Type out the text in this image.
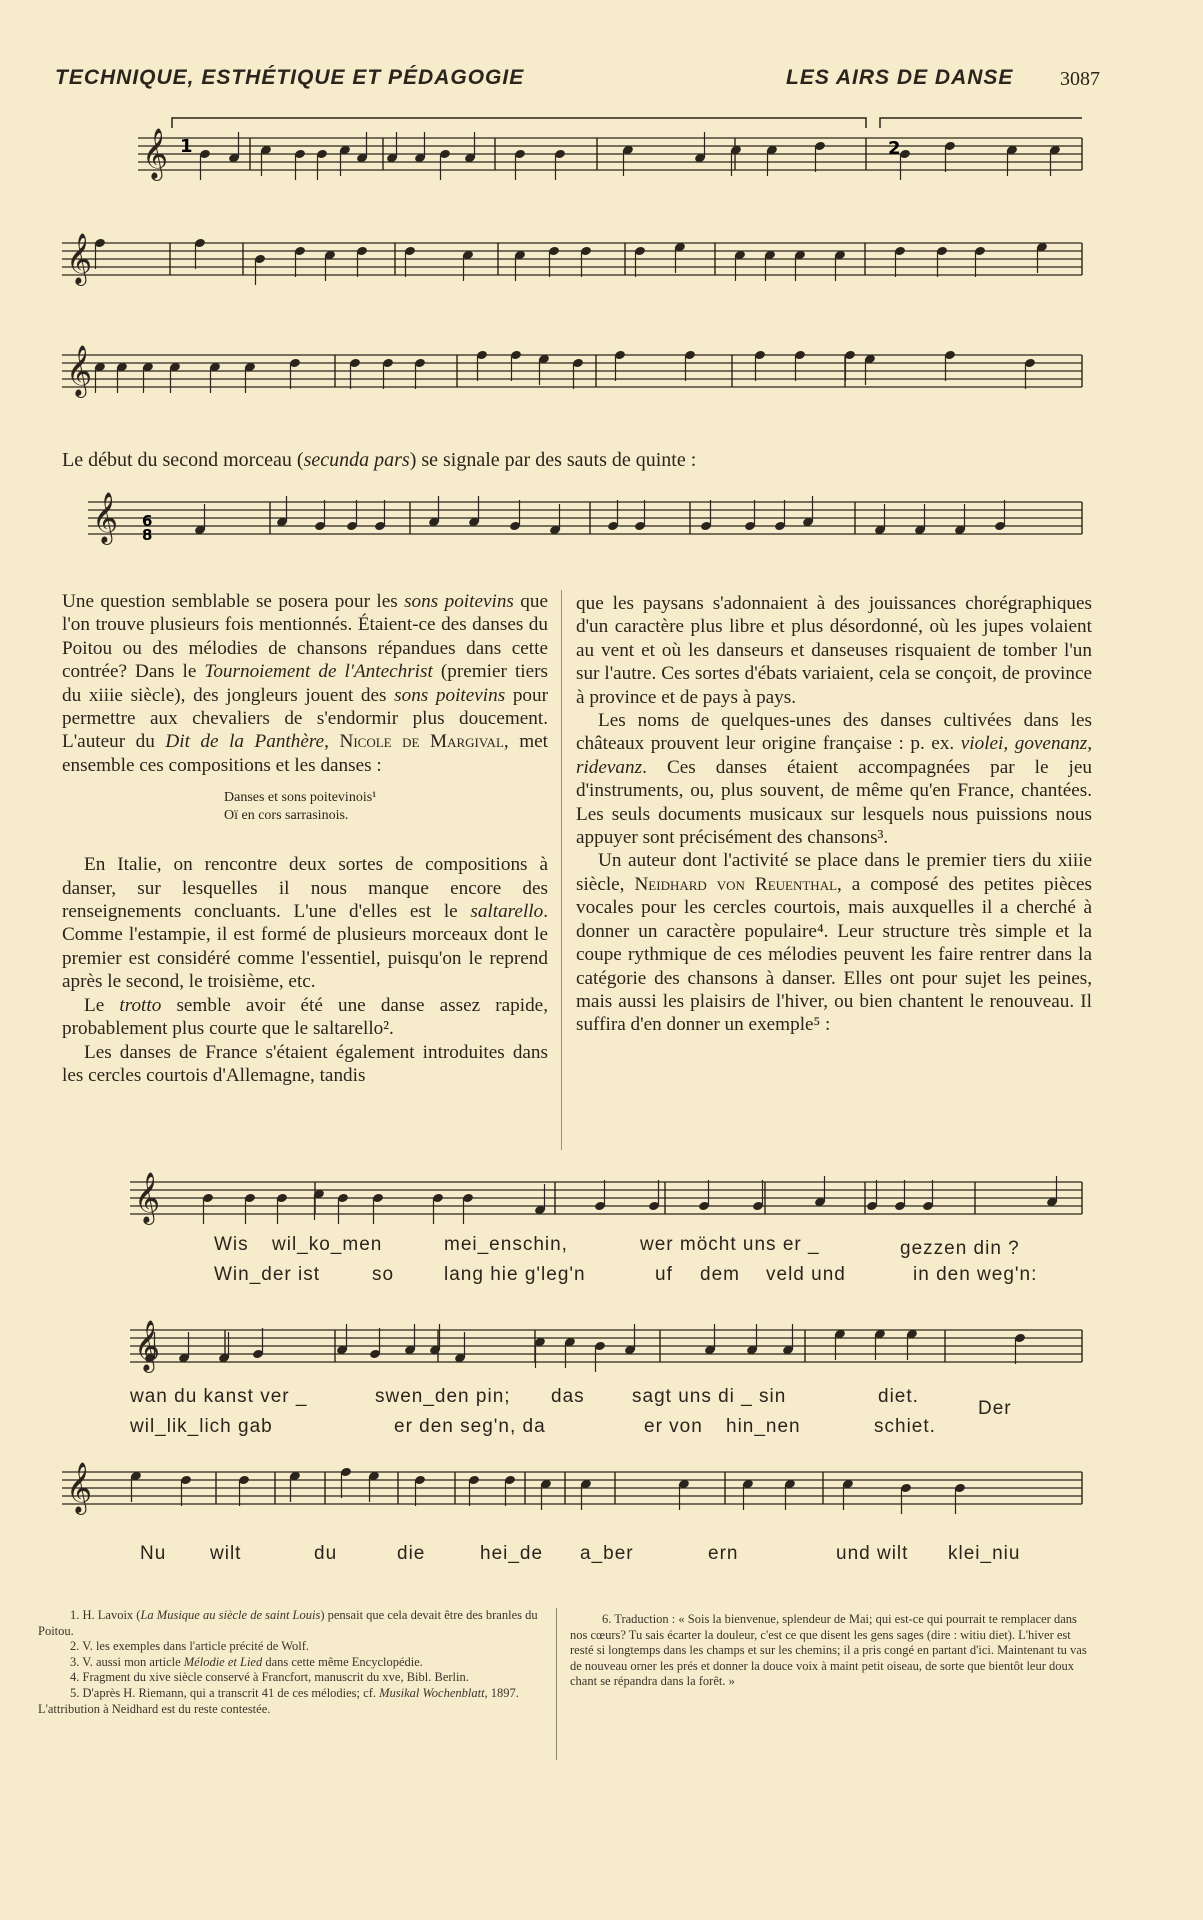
TECHNIQUE, ESTHÉTIQUE ET PÉDAGOGIE	LES AIRS DE DANSE 3087
𝄞
𝄞
𝄞
𝄞
𝄞
𝄞
𝄞
1	2
6
8
Le début du second morceau (secunda pars) se signale par des sauts de quinte :

Une question semblable se posera pour les sons poitevins que l'on trouve plusieurs fois mentionnés. Étaient-ce des danses du Poitou ou des mélodies de chansons répandues dans cette contrée? Dans le Tournoiement de l'Antechrist (premier tiers du xiiie siècle), des jongleurs jouent des sons poitevins pour permettre aux chevaliers de s'endormir plus doucement. L'auteur du Dit de la Panthère, Nicole de Margival, met ensemble ces compositions et les danses :

Danses et sons poitevinois¹
Oï en cors sarrasinois.

En Italie, on rencontre deux sortes de compositions à danser, sur lesquelles il nous manque encore des renseignements concluants. L'une d'elles est le saltarello. Comme l'estampie, il est formé de plusieurs morceaux dont le premier est considéré comme l'essentiel, puisqu'on le reprend après le second, le troisième, etc.

Le trotto semble avoir été une danse assez rapide, probablement plus courte que le saltarello².

Les danses de France s'étaient également introduites dans les cercles courtois d'Allemagne, tandis

que les paysans s'adonnaient à des jouissances chorégraphiques d'un caractère plus libre et plus désordonné, où les jupes volaient au vent et où les danseurs et danseuses risquaient de tomber l'un sur l'autre. Ces sortes d'ébats variaient, cela se conçoit, de province à province et de pays à pays.

Les noms de quelques-unes des danses cultivées dans les châteaux prouvent leur origine française : p. ex. violei, govenanz, ridevanz. Ces danses étaient accompagnées par le jeu d'instruments, ou, plus souvent, de même qu'en France, chantées. Les seuls documents musicaux sur lesquels nous puissions nous appuyer sont précisément des chansons³.

Un auteur dont l'activité se place dans le premier tiers du xiiie siècle, Neidhard von Reuenthal, a composé des petites pièces vocales pour les cercles courtois, mais auxquelles il a cherché à donner un caractère populaire⁴. Leur structure très simple et la coupe rythmique de ces mélodies peuvent les faire rentrer dans la catégorie des chansons à danser. Elles ont pour sujet les peines, mais aussi les plaisirs de l'hiver, ou bien chantent le renouveau. Il suffira d'en donner un exemple⁵ :

Wis wil_ko_men	mei_enschin,	wer möcht uns er _	gezzen din ?
Win_der ist	so	lang hie g'leg'n	uf dem veld und	in den weg'n:
wan du kanst ver _	swen_den pin; das sagt uns di _ sin	diet.
wil_lik_lich gab	er den seg'n, da	er von hin_nen	schiet.
Der
Nu wilt	du	die	hei_de a_ber	ern	und wilt klei_niu

1. H. Lavoix (La Musique au siècle de saint Louis) pensait que cela devait être des branles du Poitou.

2. V. les exemples dans l'article précité de Wolf.

3. V. aussi mon article Mélodie et Lied dans cette même Encyclopédie.

4. Fragment du xive siècle conservé à Francfort, manuscrit du xve, Bibl. Berlin.

5. D'après H. Riemann, qui a transcrit 41 de ces mélodies; cf. Musikal Wochenblatt, 1897. L'attribution à Neidhard est du reste contestée.

6. Traduction : « Sois la bienvenue, splendeur de Mai; qui est-ce qui pourrait te remplacer dans nos cœurs? Tu sais écarter la douleur, c'est ce que disent les gens sages (dire : witiu diet). L'hiver est resté si longtemps dans les champs et sur les chemins; il a pris congé en partant d'ici. Maintenant tu vas de nouveau orner les prés et donner la douce voix à maint petit oiseau, de sorte que bientôt leur doux chant se répandra dans la forêt. »
